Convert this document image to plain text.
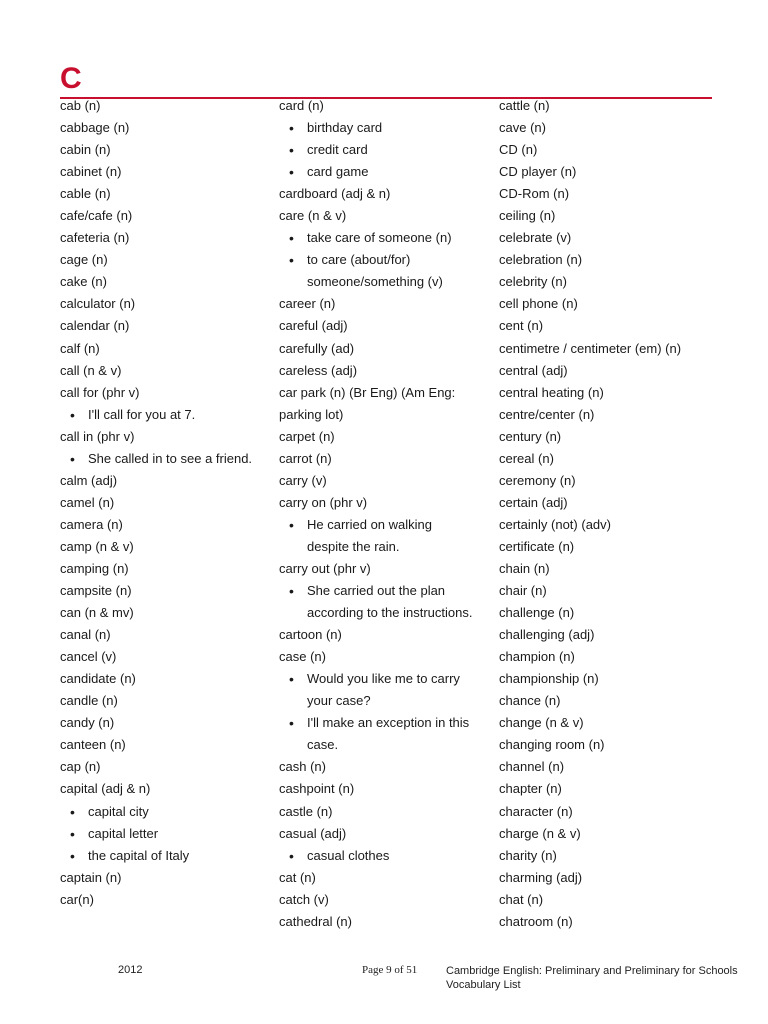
C
cab (n)
cabbage (n)
cabin (n)
cabinet (n)
cable (n)
cafe/cafe (n)
cafeteria (n)
cage (n)
cake (n)
calculator (n)
calendar (n)
calf (n)
call (n & v)
call for (phr v)
• I'll call for you at 7.
call in (phr v)
• She called in to see a friend.
calm (adj)
camel (n)
camera (n)
camp (n & v)
camping (n)
campsite (n)
can (n & mv)
canal (n)
cancel (v)
candidate (n)
candle (n)
candy (n)
canteen (n)
cap (n)
capital (adj & n)
• capital city
• capital letter
• the capital of Italy
captain (n)
car(n)
card (n)
• birthday card
• credit card
• card game
cardboard (adj & n)
care (n & v)
• take care of someone (n)
• to care (about/for)
someone/something (v)
career (n)
careful (adj)
carefully (ad)
careless (adj)
car park (n) (Br Eng) (Am Eng:
parking lot)
carpet (n)
carrot (n)
carry (v)
carry on (phr v)
• He carried on walking
despite the rain.
carry out (phr v)
• She carried out the plan
according to the instructions.
cartoon (n)
case (n)
• Would you like me to carry
your case?
• I'll make an exception in this
case.
cash (n)
cashpoint (n)
castle (n)
casual (adj)
• casual clothes
cat (n)
catch (v)
cathedral (n)
cattle (n)
cave (n)
CD (n)
CD player (n)
CD-Rom (n)
ceiling (n)
celebrate (v)
celebration (n)
celebrity (n)
cell phone (n)
cent (n)
centimetre / centimeter (em) (n)
central (adj)
central heating (n)
centre/center (n)
century (n)
cereal (n)
ceremony (n)
certain (adj)
certainly (not) (adv)
certificate (n)
chain (n)
chair (n)
challenge (n)
challenging (adj)
champion (n)
championship (n)
chance (n)
change (n & v)
changing room (n)
channel (n)
chapter (n)
character (n)
charge (n & v)
charity (n)
charming (adj)
chat (n)
chatroom (n)
2012	Page 9 of 51	Cambridge English: Preliminary and Preliminary for Schools
Vocabulary List
